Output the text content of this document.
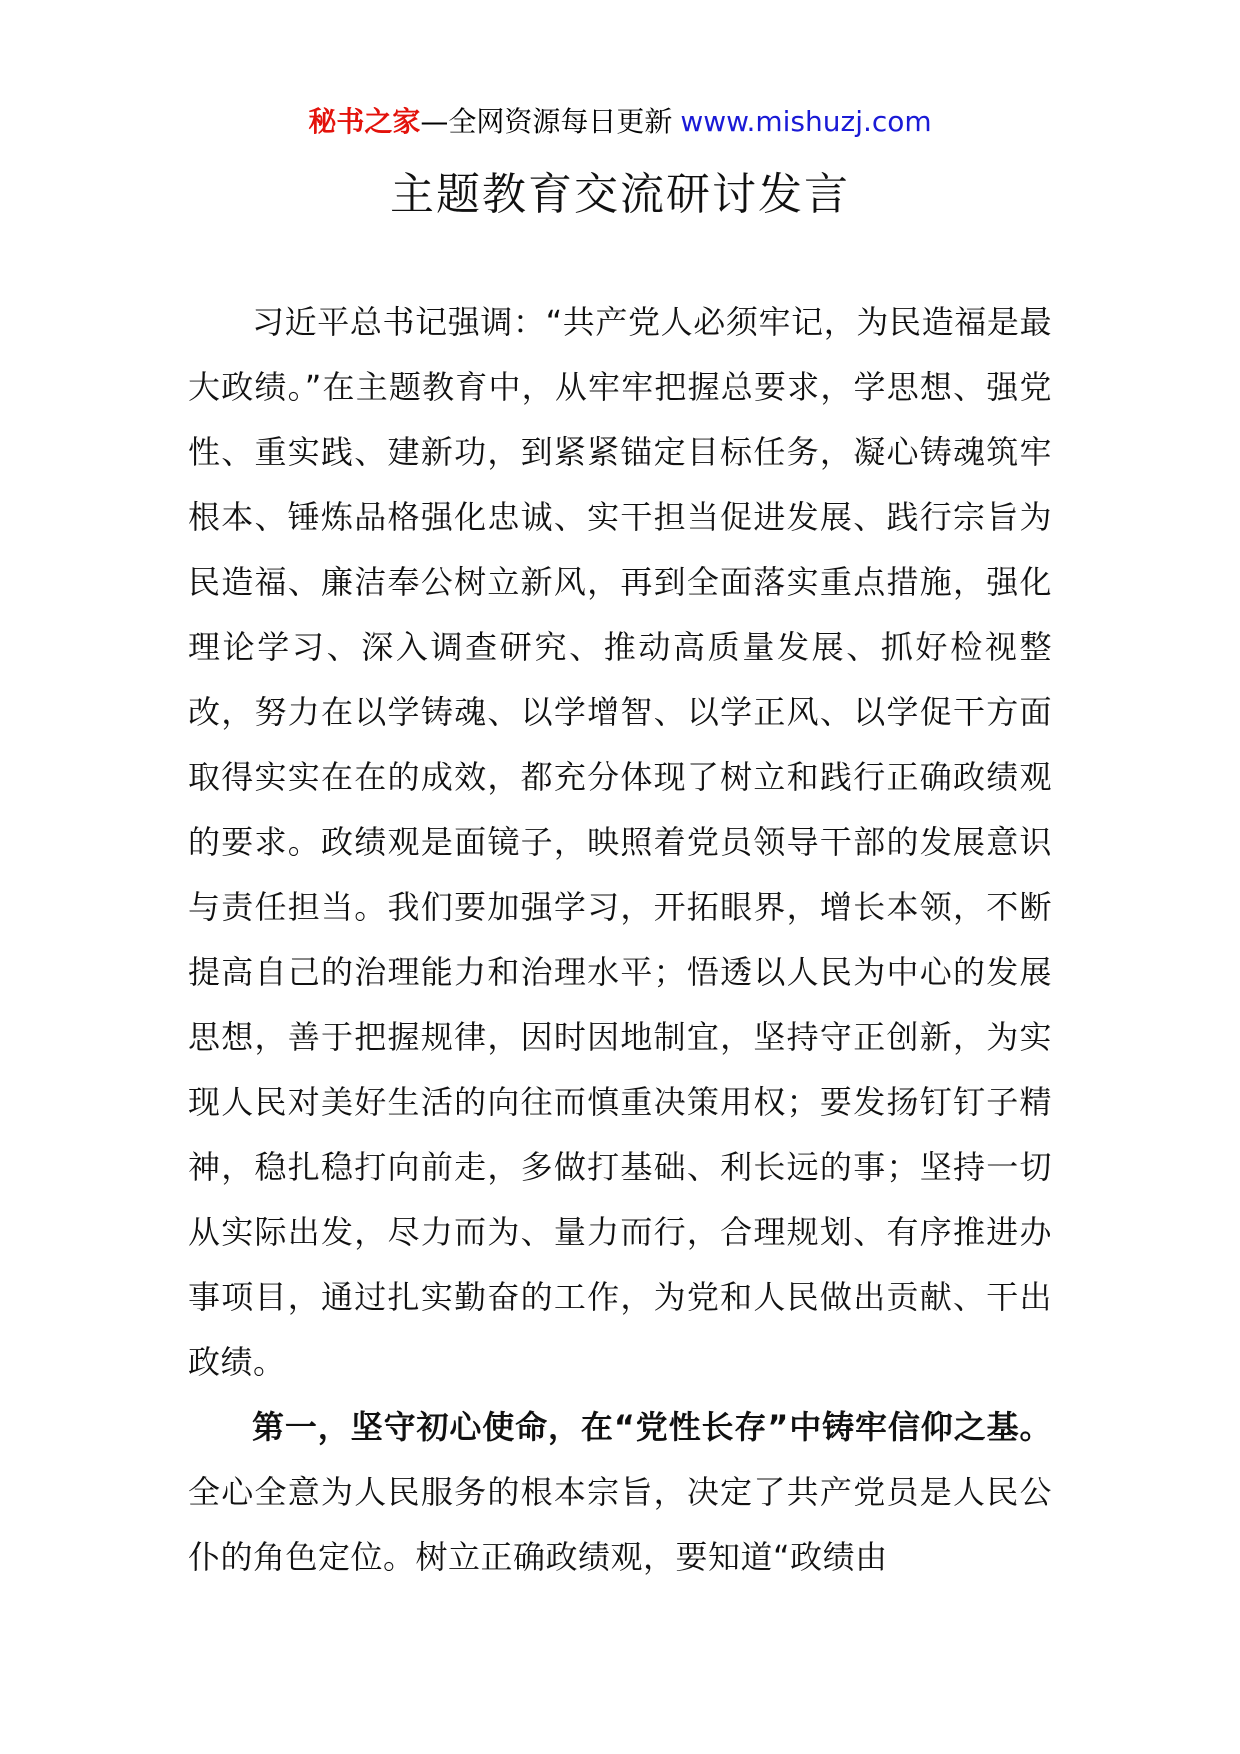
秘书之家—全网资源每日更新 www.mishuzj.com
主题教育交流研讨发言

习近平总书记强调：“共产党人必须牢记，为民造福是最大政绩。”在主题教育中，从牢牢把握总要求，学思想、强党性、重实践、建新功，到紧紧锚定目标任务，凝心铸魂筑牢根本、锤炼品格强化忠诚、实干担当促进发展、践行宗旨为民造福、廉洁奉公树立新风，再到全面落实重点措施，强化理论学习、深入调查研究、推动高质量发展、抓好检视整改，努力在以学铸魂、以学增智、以学正风、以学促干方面取得实实在在的成效，都充分体现了树立和践行正确政绩观的要求。政绩观是面镜子，映照着党员领导干部的发展意识与责任担当。我们要加强学习，开拓眼界，增长本领，不断提高自己的治理能力和治理水平；悟透以人民为中心的发展思想，善于把握规律，因时因地制宜，坚持守正创新，为实现人民对美好生活的向往而慎重决策用权；要发扬钉钉子精神，稳扎稳打向前走，多做打基础、利长远的事；坚持一切从实际出发，尽力而为、量力而行，合理规划、有序推进办事项目，通过扎实勤奋的工作，为党和人民做出贡献、干出政绩。

第一，坚守初心使命，在“党性长存”中铸牢信仰之基。全心全意为人民服务的根本宗旨，决定了共产党员是人民公仆的角色定位。树立正确政绩观，要知道“政绩由
